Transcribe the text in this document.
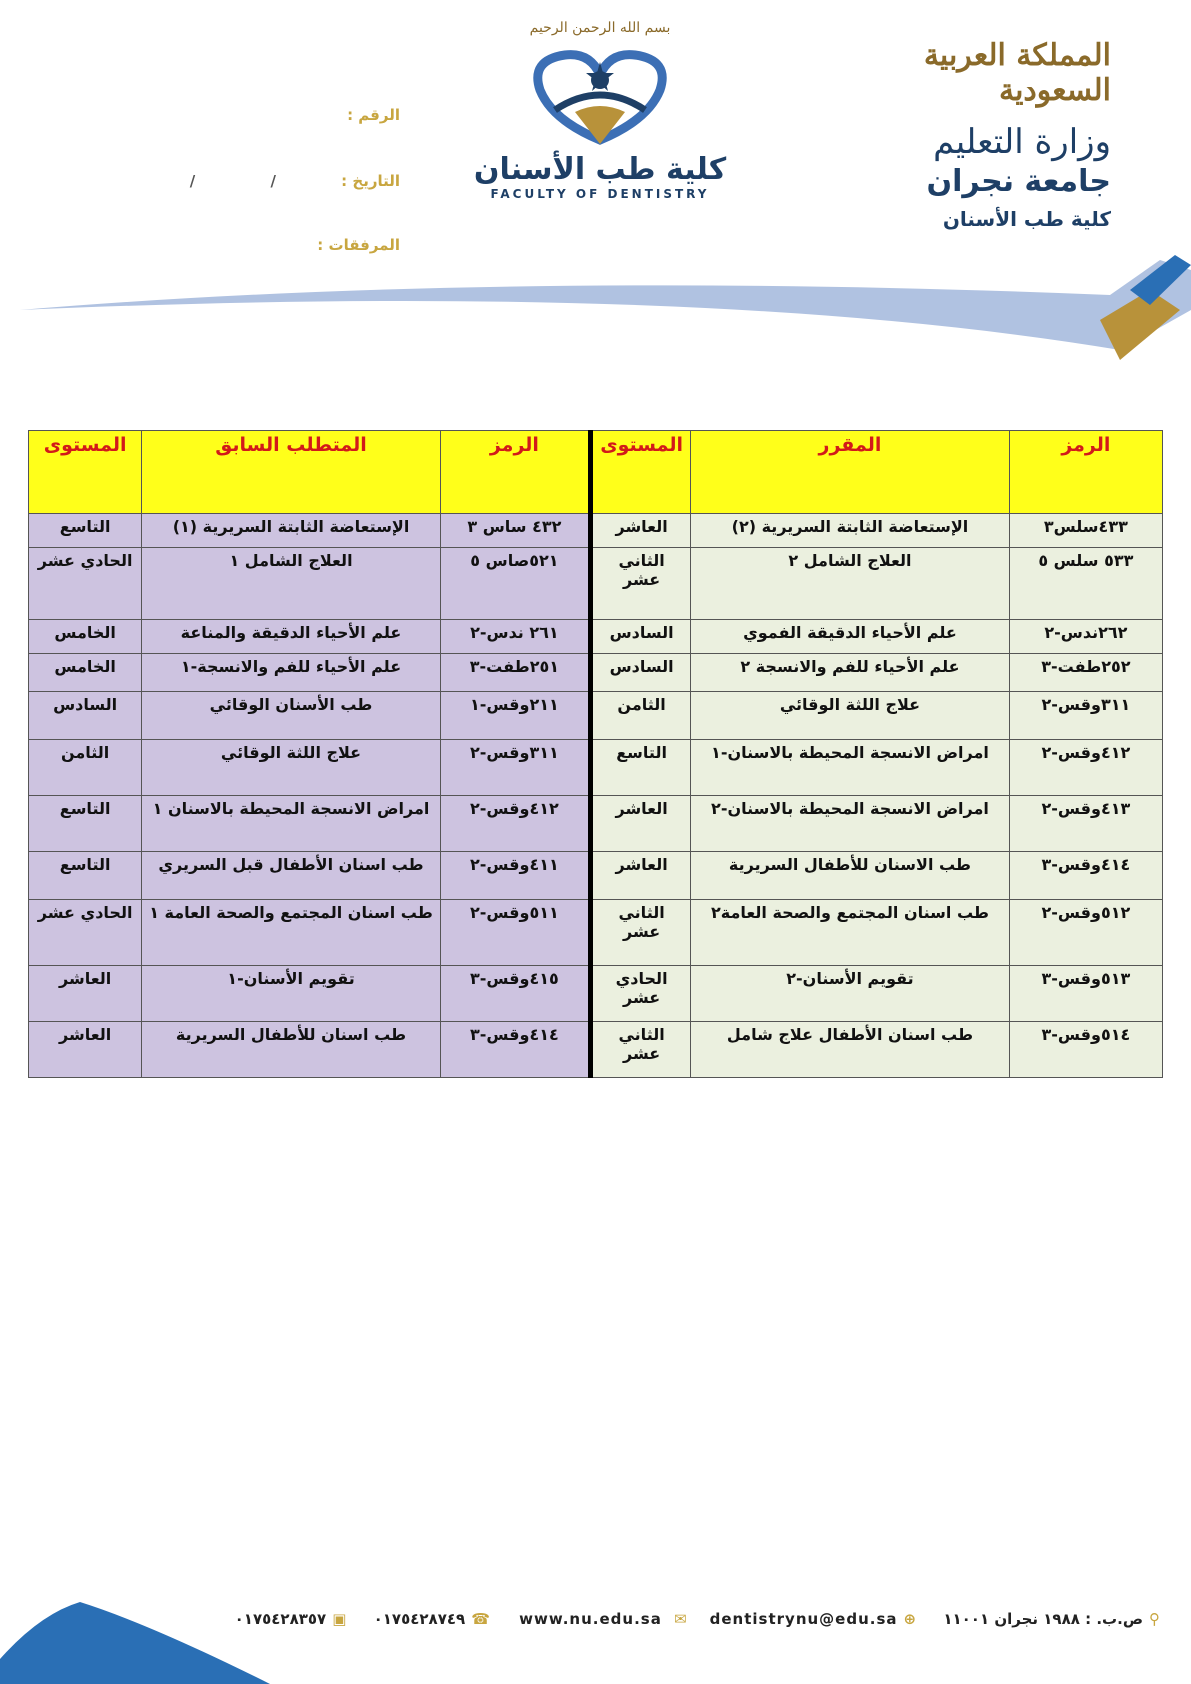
المملكة العربية السعودية
وزارة التعليم
جامعة نجران
كلية طب الأسنان
بسم الله الرحمن الرحيم
كلية طب الأسنان
FACULTY OF DENTISTRY
الرقم :
التاريخ : / /
المرفقات :
الرمز	المقرر	المستوى	الرمز	المتطلب السابق	المستوى
٤٣٣سلس٣	الإستعاضة الثابتة السريرية (٢)	العاشر	٤٣٢ ساس ٣	الإستعاضة الثابتة السريرية (١)	التاسع
٥٣٣ سلس ٥	العلاج الشامل ٢	الثاني عشر	٥٢١صاس ٥	العلاج الشامل ١	الحادي عشر
٢٦٢ندس-٢	علم الأحياء الدقيقة الفموي	السادس	٢٦١ ندس-٢	علم الأحياء الدقيقة والمناعة	الخامس
٢٥٢طفت-٣	علم الأحياء للفم والانسجة ٢	السادس	٢٥١طفت-٣	علم الأحياء للفم والانسجة-١	الخامس
٣١١وقس-٢	علاج اللثة الوقائي	الثامن	٢١١وقس-١	طب الأسنان الوقائي	السادس
٤١٢وقس-٢	امراض الانسجة المحيطة بالاسنان-١	التاسع	٣١١وقس-٢	علاج اللثة الوقائي	الثامن
٤١٣وقس-٢	امراض الانسجة المحيطة بالاسنان-٢	العاشر	٤١٢وقس-٢	امراض الانسجة المحيطة بالاسنان ١	التاسع
٤١٤وقس-٣	طب الاسنان للأطفال السريرية	العاشر	٤١١وقس-٢	طب اسنان الأطفال قبل السريري	التاسع
٥١٢وقس-٢	طب اسنان المجتمع والصحة العامة٢	الثاني عشر	٥١١وقس-٢	طب اسنان المجتمع والصحة العامة ١	الحادي عشر
٥١٣وقس-٣	تقويم الأسنان-٢	الحادي عشر	٤١٥وقس-٣	تقويم الأسنان-١	العاشر
٥١٤وقس-٣	طب اسنان الأطفال علاج شامل	الثاني عشر	٤١٤وقس-٣	طب اسنان للأطفال السريرية	العاشر
⚲ص.ب. : ١٩٨٨ نجران ١١٠٠١ ⊕www.nu.edu.sa ✉ dentistrynu@edu.sa ☎٠١٧٥٤٢٨٧٤٩ ▣٠١٧٥٤٢٨٣٥٧
